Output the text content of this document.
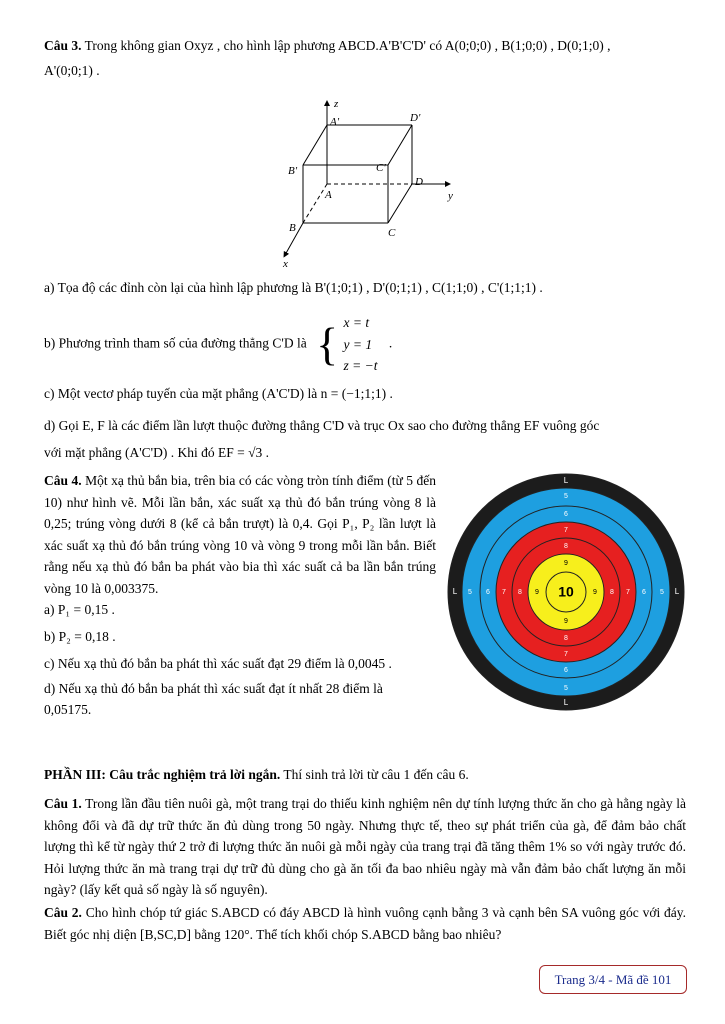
Câu 3. Trong không gian Oxyz , cho hình lập phương ABCD.A'B'C'D' có A(0;0;0) , B(1;0;0) , D(0;1;0) ,

A'(0;0;1) .

z
y
x
A'	D'
B'	C'
A
D
B	C

a) Tọa độ các đỉnh còn lại của hình lập phương là B'(1;0;1) , D'(0;1;1) , C(1;1;0) , C'(1;1;1) .

b) Phương trình tham số của đường thẳng C'D là { x = t
y = 1
z = −t .

c) Một vectơ pháp tuyến của mặt phẳng (A'C'D) là n = (−1;1;1) .

d) Gọi E, F là các điểm lần lượt thuộc đường thẳng C'D và trục Ox sao cho đường thẳng EF vuông góc

với mặt phẳng (A'C'D) . Khi đó EF = √3 .

Câu 4. Một xạ thủ bắn bia, trên bia có các vòng tròn tính điểm (từ 5 đến 10) như hình vẽ. Mỗi lần bắn, xác suất xạ thủ đó bắn trúng vòng 8 là 0,25; trúng vòng dưới 8 (kể cả bắn trượt) là 0,4. Gọi P₁, P₂ lần lượt là xác suất xạ thủ đó bắn trúng vòng 10 và vòng 9 trong mỗi lần bắn. Biết rằng nếu xạ thủ đó bắn ba phát vào bia thì xác suất cả ba lần bắn trúng vòng 10 là 0,003375.

a) P₁ = 0,15 .

b) P₂ = 0,18 .

c) Nếu xạ thủ đó bắn ba phát thì xác suất đạt 29 điểm là 0,0045 .

d) Nếu xạ thủ đó bắn ba phát thì xác suất đạt ít nhất 28 điểm là

0,05175.

L
5
6
7
8
9
L 5 6 7 8 9	9 8 7 6 5 L
9
8
7
6
5
L
10

PHẦN III: Câu trắc nghiệm trả lời ngắn. Thí sinh trả lời từ câu 1 đến câu 6.

Câu 1. Trong lần đầu tiên nuôi gà, một trang trại do thiếu kinh nghiệm nên dự tính lượng thức ăn cho gà hằng ngày là không đổi và đã dự trữ thức ăn đủ dùng trong 50 ngày. Nhưng thực tế, theo sự phát triển của gà, để đảm bảo chất lượng thì kể từ ngày thứ 2 trở đi lượng thức ăn nuôi gà mỗi ngày của trang trại đã tăng thêm 1% so với ngày trước đó. Hỏi lượng thức ăn mà trang trại dự trữ đủ dùng cho gà ăn tối đa bao nhiêu ngày mà vẫn đảm bảo chất lượng ăn mỗi ngày? (lấy kết quả số ngày là số nguyên).

Câu 2. Cho hình chóp tứ giác S.ABCD có đáy ABCD là hình vuông cạnh bằng 3 và cạnh bên SA vuông góc với đáy. Biết góc nhị diện [B,SC,D] bằng 120°. Thể tích khối chóp S.ABCD bằng bao nhiêu?

Trang 3/4 - Mã đề 101
